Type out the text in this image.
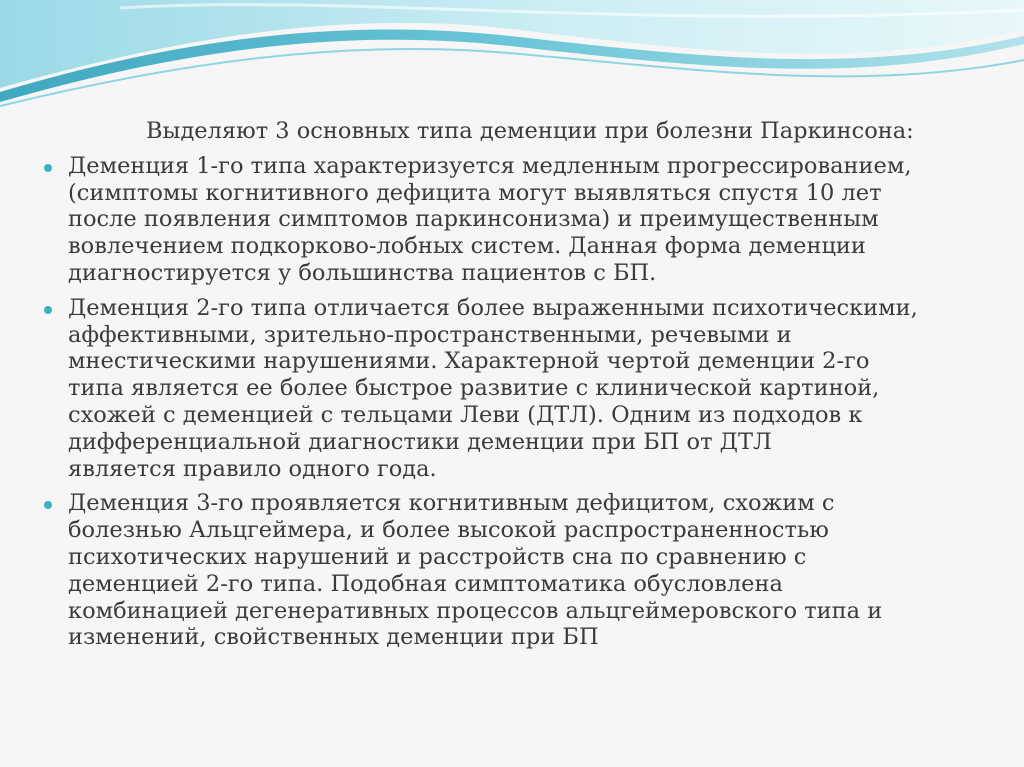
Выделяют 3 основных типа деменции при болезни Паркинсона:
Деменция 1-го типа характеризуется медленным прогрессированием,
(симптомы когнитивного дефицита могут выявляться спустя 10 лет
после появления симптомов паркинсонизма) и преимущественным
вовлечением подкорково-лобных систем. Данная форма деменции
диагностируется у большинства пациентов с БП.
Деменция 2-го типа отличается более выраженными психотическими,
аффективными, зрительно-пространственными, речевыми и
мнестическими нарушениями. Характерной чертой деменции 2-го
типа является ее более быстрое развитие с клинической картиной,
схожей с деменцией с тельцами Леви (ДТЛ). Одним из подходов к
дифференциальной диагностики деменции при БП от ДТЛ
является правило одного года.
Деменция 3-го проявляется когнитивным дефицитом, схожим с
болезнью Альцгеймера, и более высокой распространенностью
психотических нарушений и расстройств сна по сравнению с
деменцией 2-го типа. Подобная симптоматика обусловлена
комбинацией дегенеративных процессов альцгеймеровского типа и
изменений, свойственных деменции при БП
